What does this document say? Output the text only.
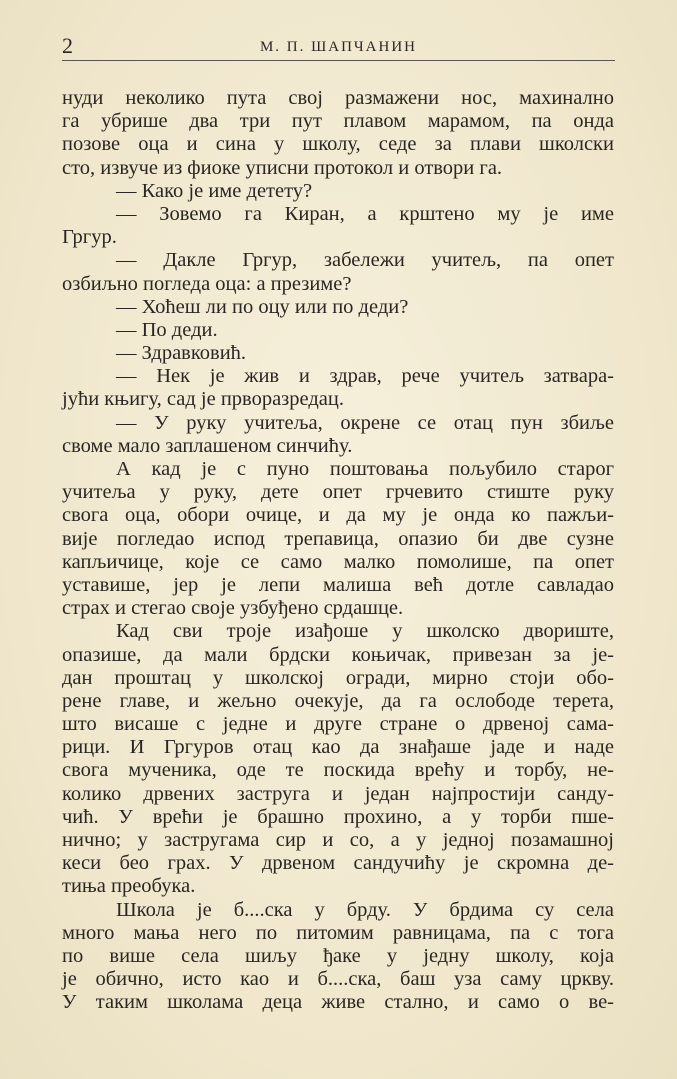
2	М. П. ШАПЧАНИН
нуди неколико пута свој размажени нос, махинално
га убрише два три пут плавом марамом, па онда
позове оца и сина у школу, седе за плави школски
сто, извуче из фиоке уписни протокол и отвори га.
— Како је име детету?
— Зовемо га Киран, а крштено му је име
Гргур.
— Дакле Гргур, забележи учитељ, па опет
озбиљно погледа оца: а презиме?
— Хоћеш ли по оцу или по деди?
— По деди.
— Здравковић.
— Нек је жив и здрав, рече учитељ затвара-
јући књигу, сад је прворазредац.
— У руку учитеља, окрене се отац пун збиље
своме мало заплашеном синчићу.
А кад је с пуно поштовања пољубило старог
учитеља у руку, дете опет грчевито стиште руку
свога оца, обори очице, и да му је онда ко пажљи-
вије погледао испод трепавица, опазио би две сузне
капљичице, које се само малко помолише, па опет
уставише, јер је лепи малиша већ дотле савладао
страх и стегао своје узбуђено срдашце.
Кад сви троје изађоше у школско двориште,
опазише, да мали брдски коњичак, привезан за је-
дан проштац у школској огради, мирно стоји обо-
рене главе, и жељно очекује, да га ослободе терета,
што висаше с једне и друге стране о дрвеној сама-
рици. И Гргуров отац као да знађаше јаде и наде
свога мученика, оде те поскида врећу и торбу, не-
колико дрвених заструга и један најпростији санду-
чић. У врећи је брашно прохино, а у торби пше-
нично; у застругама сир и со, а у једној позамашној
кеси бео грах. У дрвеном сандучићу је скромна де-
тиња преобука.
Школа је б....ска у брду. У брдима су села
много мања него по питомим равницама, па с тога
по више села шиљу ђаке у једну школу, која
је обично, исто као и б....ска, баш уза саму цркву.
У таким школама деца живе стално, и само о ве-
